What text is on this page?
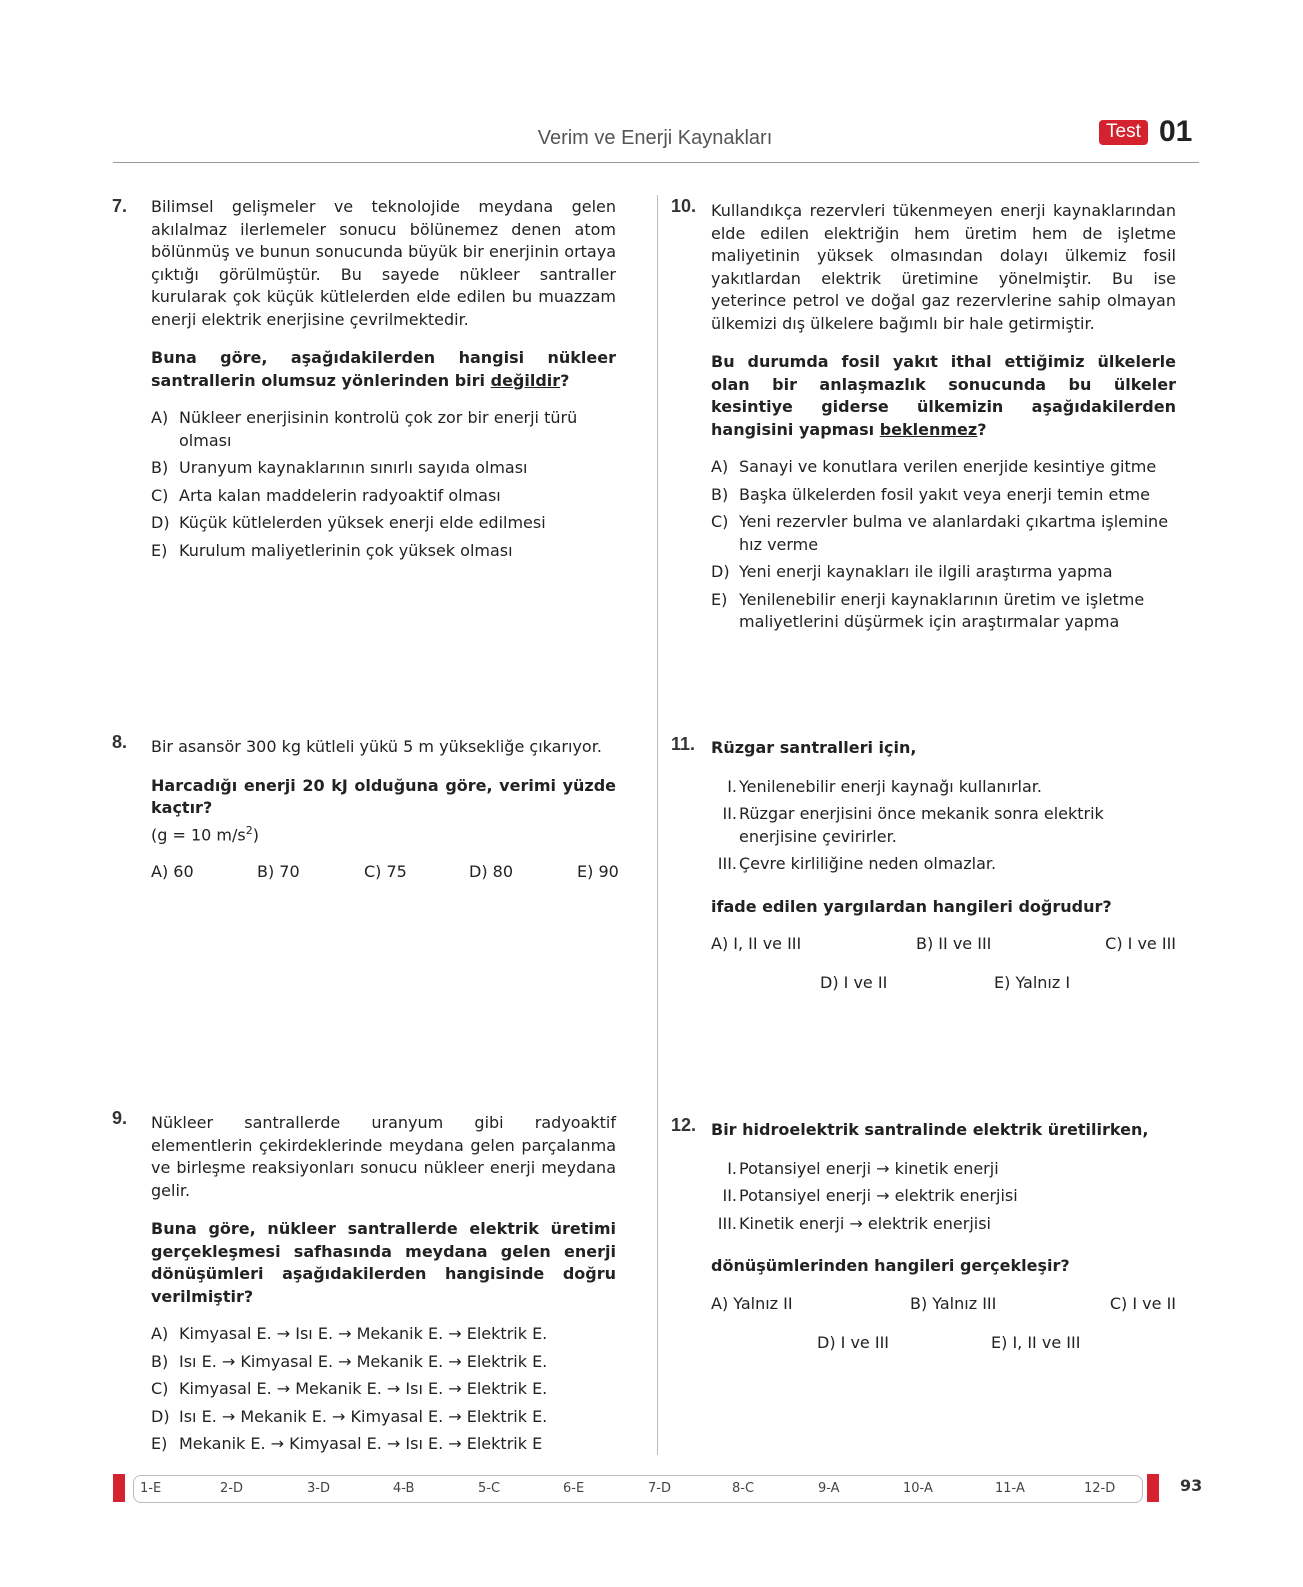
Verim ve Enerji Kaynakları	Test 01
7. Bilimsel gelişmeler ve teknolojide meydana gelen akılalmaz ilerlemeler sonucu bölünemez denen atom bölünmüş ve bunun sonucunda büyük bir enerjinin ortaya çıktığı görülmüştür. Bu sayede nükleer santraller kurularak çok küçük kütlelerden elde edilen bu muazzam enerji elektrik enerjisine çevrilmektedir.

Buna göre, aşağıdakilerden hangisi nükleer santrallerin olumsuz yönlerinden biri değildir?

A) Nükleer enerjisinin kontrolü çok zor bir enerji türü olması
B) Uranyum kaynaklarının sınırlı sayıda olması
C) Arta kalan maddelerin radyoaktif olması
D) Küçük kütlelerden yüksek enerji elde edilmesi
E) Kurulum maliyetlerinin çok yüksek olması
8. Bir asansör 300 kg kütleli yükü 5 m yüksekliğe çıkarıyor.

Harcadığı enerji 20 kJ olduğuna göre, verimi yüzde kaçtır?

(g = 10 $m/s^2$)

A) 60	B) 70	C) 75	D) 80	E) 90
9. Nükleer santrallerde uranyum gibi radyoaktif elementlerin çekirdeklerinde meydana gelen parçalanma ve birleşme reaksiyonları sonucu nükleer enerji meydana gelir.

Buna göre, nükleer santrallerde elektrik üretimi gerçekleşmesi safhasında meydana gelen enerji dönüşümleri aşağıdakilerden hangisinde doğru verilmiştir?

A) Kimyasal E. → Isı E. → Mekanik E. → Elektrik E.
B) Isı E. → Kimyasal E. → Mekanik E. → Elektrik E.
C) Kimyasal E. → Mekanik E. → Isı E. → Elektrik E.
D) Isı E. → Mekanik E. → Kimyasal E. → Elektrik E.
E) Mekanik E. → Kimyasal E. → Isı E. → Elektrik E
10. Kullandıkça rezervleri tükenmeyen enerji kaynaklarından elde edilen elektriğin hem üretim hem de işletme maliyetinin yüksek olmasından dolayı ülkemiz fosil yakıtlardan elektrik üretimine yönelmiştir. Bu ise yeterince petrol ve doğal gaz rezervlerine sahip olmayan ülkemizi dış ülkelere bağımlı bir hale getirmiştir.

Bu durumda fosil yakıt ithal ettiğimiz ülkelerle olan bir anlaşmazlık sonucunda bu ülkeler kesintiye giderse ülkemizin aşağıdakilerden hangisini yapması beklenmez?

A) Sanayi ve konutlara verilen enerjide kesintiye gitme
B) Başka ülkelerden fosil yakıt veya enerji temin etme
C) Yeni rezervler bulma ve alanlardaki çıkartma işlemine hız verme
D) Yeni enerji kaynakları ile ilgili araştırma yapma
E) Yenilenebilir enerji kaynaklarının üretim ve işletme maliyetlerini düşürmek için araştırmalar yapma
11. Rüzgar santralleri için,

I. Yenilenebilir enerji kaynağı kullanırlar.
II. Rüzgar enerjisini önce mekanik sonra elektrik enerjisine çevirirler.
III. Çevre kirliliğine neden olmazlar.

ifade edilen yargılardan hangileri doğrudur?

A) I, II ve III	B) II ve III	C) I ve III
D) I ve II	E) Yalnız I
12. Bir hidroelektrik santralinde elektrik üretilirken,

I. Potansiyel enerji → kinetik enerji
II. Potansiyel enerji → elektrik enerjisi
III. Kinetik enerji → elektrik enerjisi

dönüşümlerinden hangileri gerçekleşir?

A) Yalnız II	B) Yalnız III	C) I ve II
D) I ve III	E) I, II ve III
1-E	2-D	3-D	4-B	5-C	6-E	7-D	8-C	9-A	10-A	11-A	12-D	93
